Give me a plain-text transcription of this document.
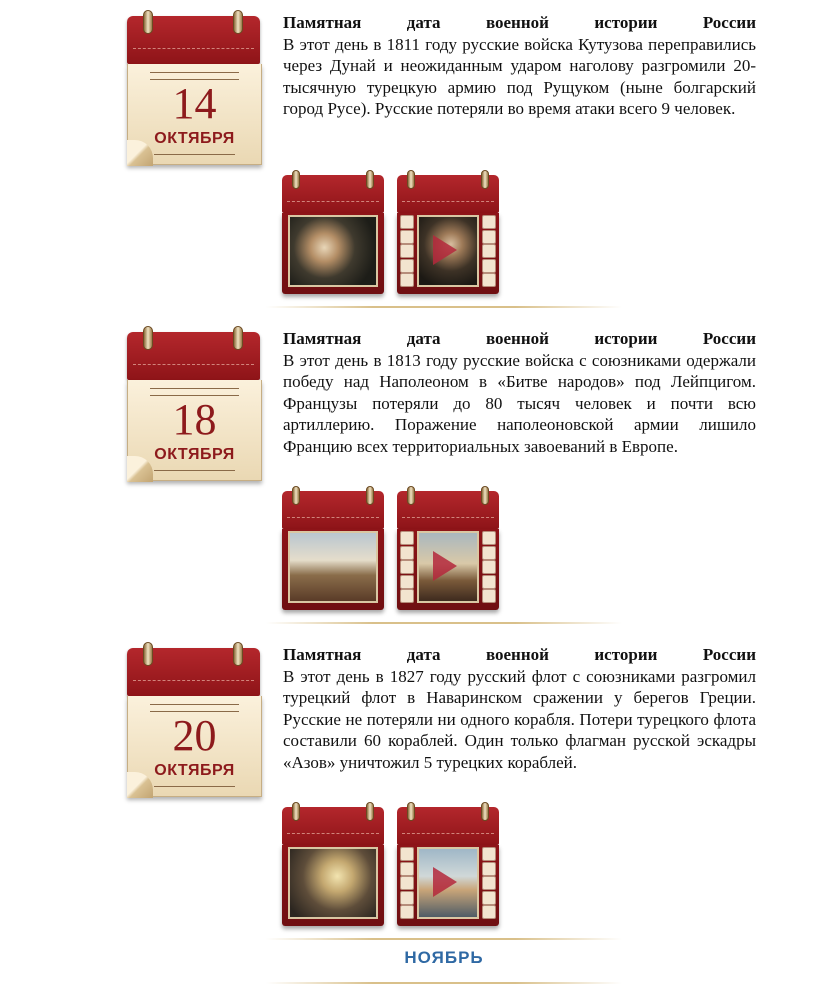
14
ОКТЯБРЯ
Памятная дата военной истории России
В этот день в 1811 году русские войска Кутузова переправились через Дунай и неожиданным ударом наголову разгромили 20-тысячную турецкую армию под Рущуком (ныне болгарский город Русе). Русские потеряли во время атаки всего 9 человек.
18
ОКТЯБРЯ
Памятная дата военной истории России
В этот день в 1813 году русские войска с союзниками одержали победу над Наполеоном в «Битве народов» под Лейпцигом. Французы потеряли до 80 тысяч человек и почти всю артиллерию. Поражение наполеоновской армии лишило Францию всех территориальных завоеваний в Европе.
20
ОКТЯБРЯ
Памятная дата военной истории России
В этот день в 1827 году русский флот с союзниками разгромил турецкий флот в Наваринском сражении у берегов Греции. Русские не потеряли ни одного корабля. Потери турецкого флота составили 60 кораблей. Один только флагман русской эскадры «Азов» уничтожил 5 турецких кораблей.
НОЯБРЬ
